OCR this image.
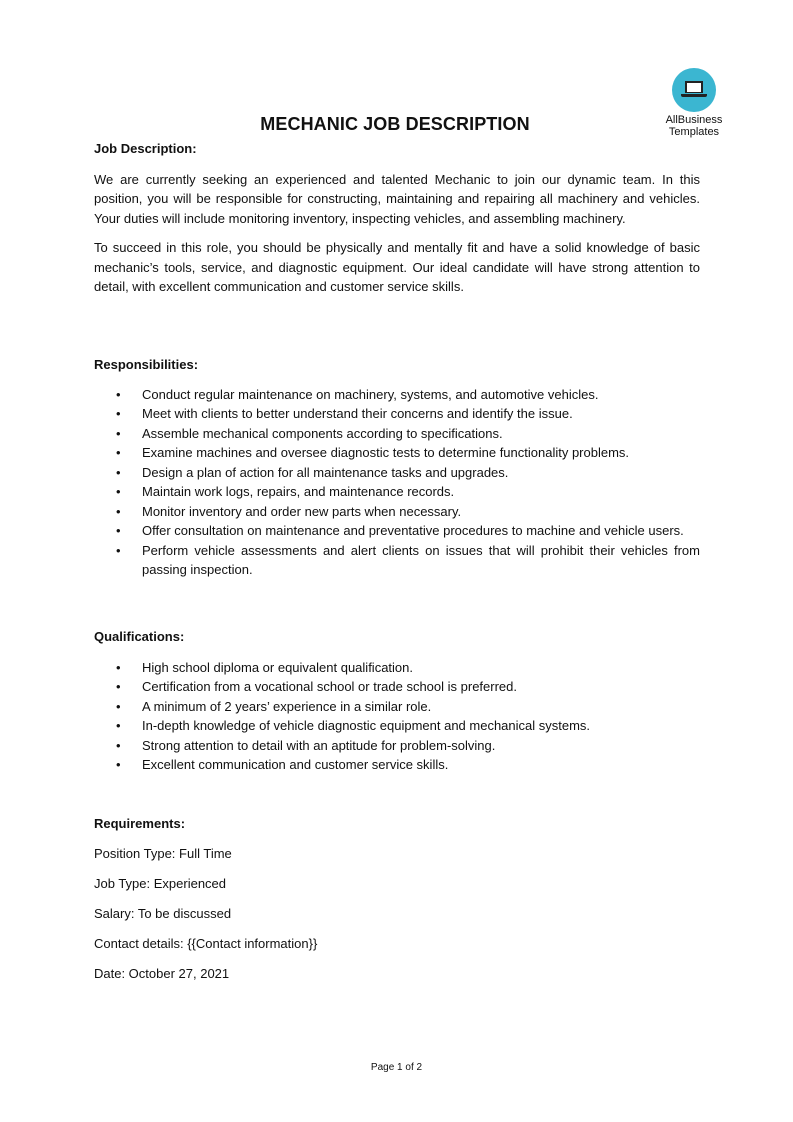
AllBusiness
Templates
MECHANIC JOB DESCRIPTION

Job Description:

We are currently seeking an experienced and talented Mechanic to join our dynamic team. In this position, you will be responsible for constructing, maintaining and repairing all machinery and vehicles. Your duties will include monitoring inventory, inspecting vehicles, and assembling machinery.

To succeed in this role, you should be physically and mentally fit and have a solid knowledge of basic mechanic’s tools, service, and diagnostic equipment. Our ideal candidate will have strong attention to detail, with excellent communication and customer service skills.

Responsibilities:

• Conduct regular maintenance on machinery, systems, and automotive vehicles.
• Meet with clients to better understand their concerns and identify the issue.
• Assemble mechanical components according to specifications.
• Examine machines and oversee diagnostic tests to determine functionality problems.
• Design a plan of action for all maintenance tasks and upgrades.
• Maintain work logs, repairs, and maintenance records.
• Monitor inventory and order new parts when necessary.
• Offer consultation on maintenance and preventative procedures to machine and vehicle users.
• Perform vehicle assessments and alert clients on issues that will prohibit their vehicles from passing inspection.

Qualifications:

• High school diploma or equivalent qualification.
• Certification from a vocational school or trade school is preferred.
• A minimum of 2 years’ experience in a similar role.
• In-depth knowledge of vehicle diagnostic equipment and mechanical systems.
• Strong attention to detail with an aptitude for problem-solving.
• Excellent communication and customer service skills.

Requirements:

Position Type: Full Time

Job Type: Experienced

Salary: To be discussed

Contact details: {{Contact information}}

Date: October 27, 2021

Page 1 of 2
